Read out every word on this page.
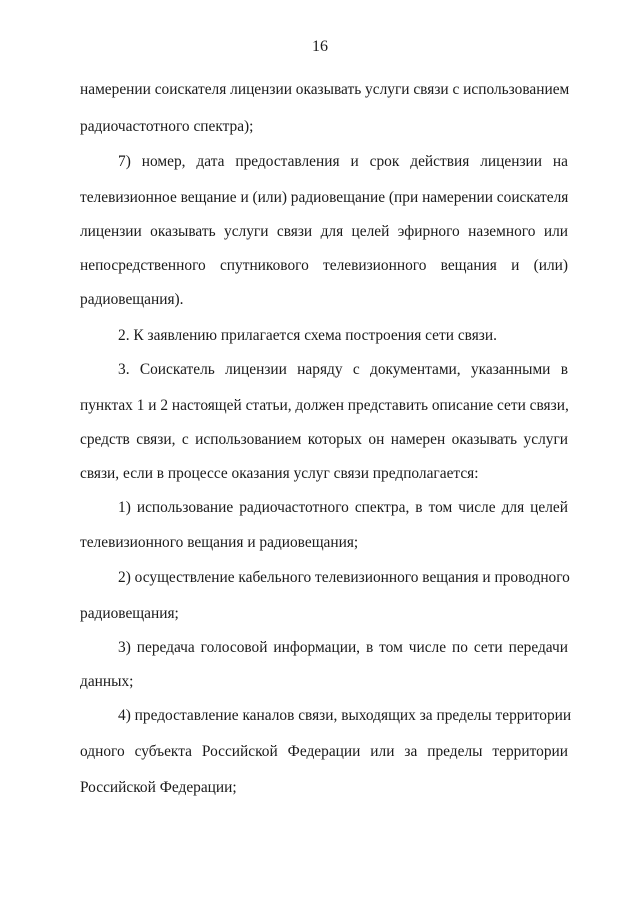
16
намерении соискателя лицензии оказывать услуги связи с использованием
радиочастотного спектра);
7) номер, дата предоставления и срок действия лицензии на
телевизионное вещание и (или) радиовещание (при намерении соискателя
лицензии оказывать услуги связи для целей эфирного наземного или
непосредственного спутникового телевизионного вещания и (или)
радиовещания).
2. К заявлению прилагается схема построения сети связи.
3. Соискатель лицензии наряду с документами, указанными в
пунктах 1 и 2 настоящей статьи, должен представить описание сети связи,
средств связи, с использованием которых он намерен оказывать услуги
связи, если в процессе оказания услуг связи предполагается:
1) использование радиочастотного спектра, в том числе для целей
телевизионного вещания и радиовещания;
2) осуществление кабельного телевизионного вещания и проводного
радиовещания;
3) передача голосовой информации, в том числе по сети передачи
данных;
4) предоставление каналов связи, выходящих за пределы территории
одного субъекта Российской Федерации или за пределы территории
Российской Федерации;
